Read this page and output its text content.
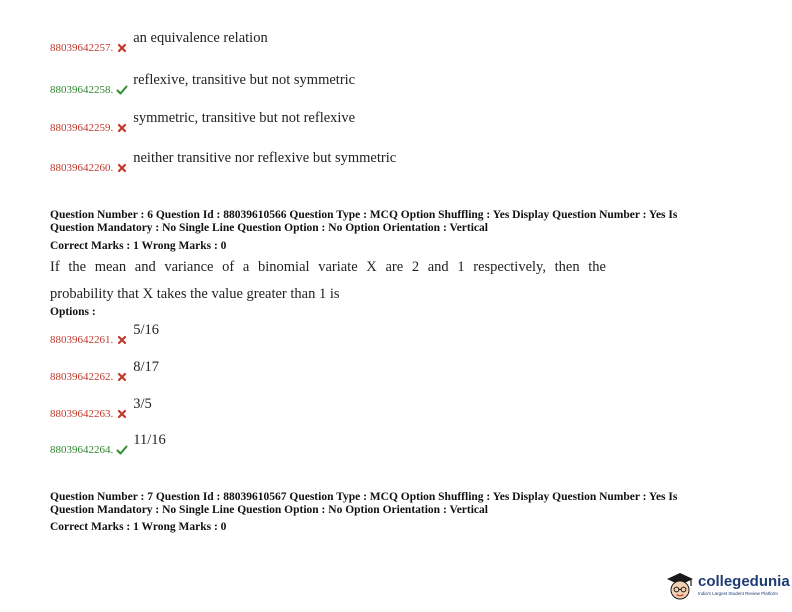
88039642257.
an equivalence relation
88039642258.
reflexive, transitive but not symmetric
88039642259.
symmetric, transitive but not reflexive
88039642260.
neither transitive nor reflexive but symmetric
Question Number : 6 Question Id : 88039610566 Question Type : MCQ Option Shuffling : Yes Display Question Number : Yes Is
Question Mandatory : No Single Line Question Option : No Option Orientation : Vertical
Correct Marks : 1 Wrong Marks : 0
If the mean and variance of a binomial variate X are 2 and 1 respectively, then the
probability that X takes the value greater than 1 is
Options :
88039642261.
5/16
88039642262.
8/17
88039642263.
3/5
88039642264.
11/16
Question Number : 7 Question Id : 88039610567 Question Type : MCQ Option Shuffling : Yes Display Question Number : Yes Is
Question Mandatory : No Single Line Question Option : No Option Orientation : Vertical
Correct Marks : 1 Wrong Marks : 0
collegedunia
India's Largest Student Review Platform
